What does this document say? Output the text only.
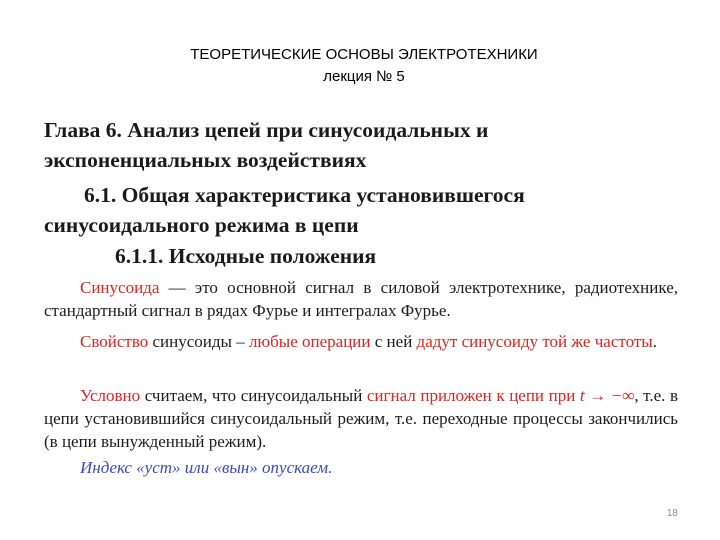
ТЕОРЕТИЧЕСКИЕ ОСНОВЫ ЭЛЕКТРОТЕХНИКИ
лекция № 5
Глава 6. Анализ цепей при синусоидальных и
экспоненциальных воздействиях
6.1. Общая характеристика установившегося
синусоидального режима в цепи
6.1.1. Исходные положения
Синусоида — это основной сигнал в силовой электротехнике, радиотехнике, стандартный сигнал в рядах Фурье и интегралах Фурье.
Свойство синусоиды – любые операции с ней дадут синусоиду той же частоты.
Условно считаем, что синусоидальный сигнал приложен к цепи при t → −∞, т.е. в цепи установившийся синусоидальный режим, т.е. переходные процессы закончились (в цепи вынужденный режим).
Индекс «уст» или «вын» опускаем.
18
